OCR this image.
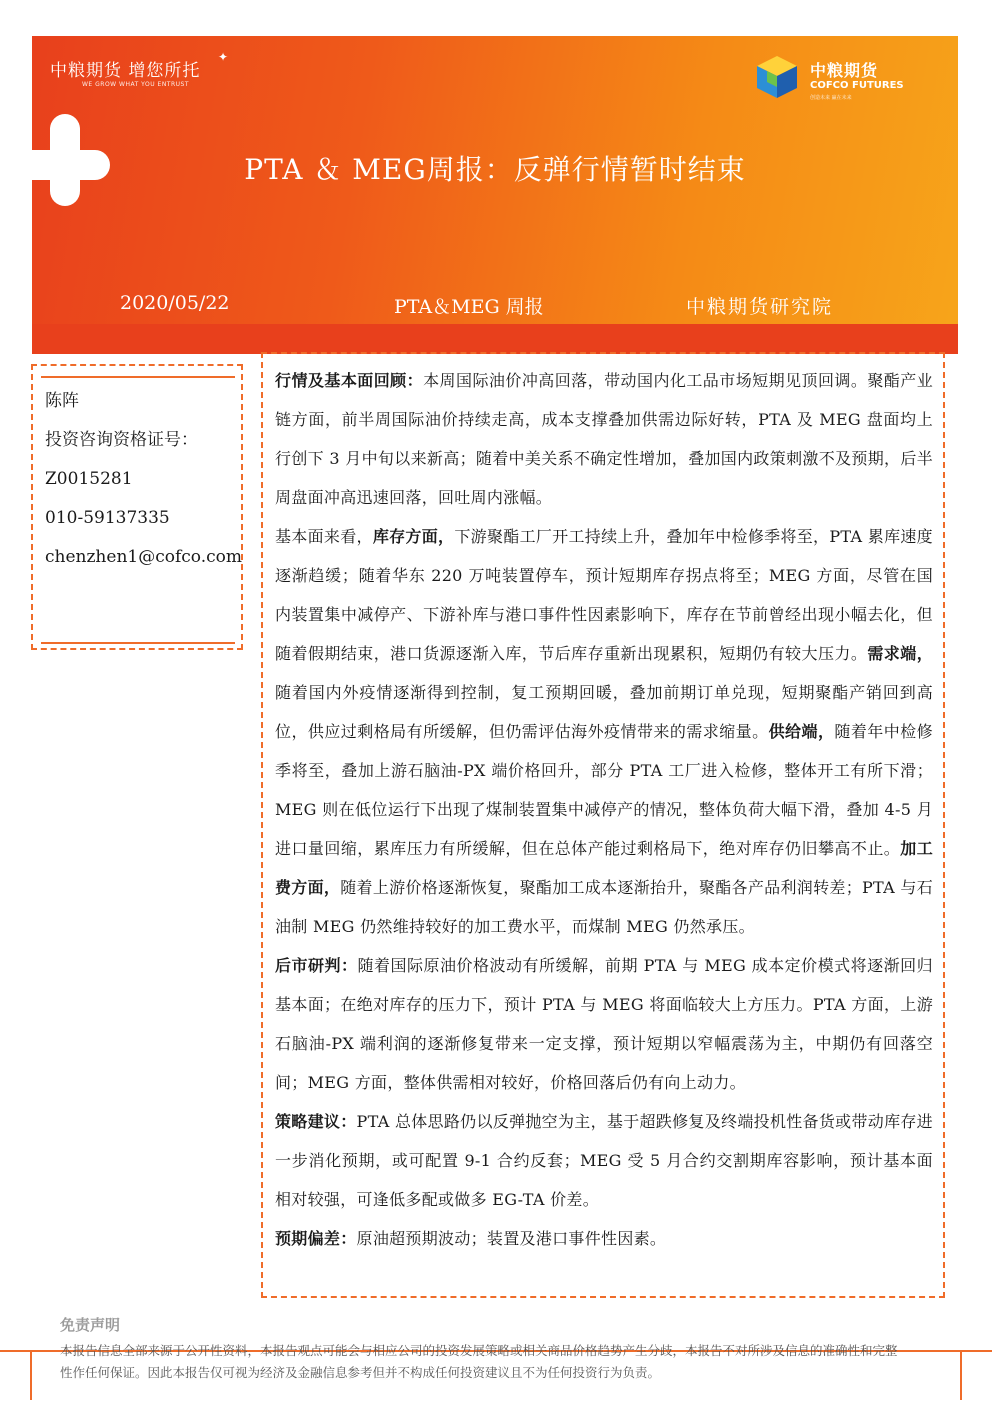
中粮期货 增您所托
WE GROW WHAT YOU ENTRUST
✦
中粮期货
COFCO FUTURES
创造未来 赢在未来
PTA ＆ MEG周报：反弹行情暂时结束
2020/05/22	PTA＆MEG 周报	中粮期货研究院
陈阵
投资咨询资格证号：
Z0015281
010-59137335
chenzhen1@cofco.com

行情及基本面回顾：本周国际油价冲高回落，带动国内化工品市场短期见顶回调。聚酯产业链方面，前半周国际油价持续走高，成本支撑叠加供需边际好转，PTA 及 MEG 盘面均上行创下 3 月中旬以来新高；随着中美关系不确定性增加，叠加国内政策刺激不及预期，后半周盘面冲高迅速回落，回吐周内涨幅。

基本面来看，库存方面，下游聚酯工厂开工持续上升，叠加年中检修季将至，PTA 累库速度逐渐趋缓；随着华东 220 万吨装置停车，预计短期库存拐点将至；MEG 方面，尽管在国内装置集中减停产、下游补库与港口事件性因素影响下，库存在节前曾经出现小幅去化，但随着假期结束，港口货源逐渐入库，节后库存重新出现累积，短期仍有较大压力。需求端，随着国内外疫情逐渐得到控制，复工预期回暖，叠加前期订单兑现，短期聚酯产销回到高位，供应过剩格局有所缓解，但仍需评估海外疫情带来的需求缩量。供给端，随着年中检修季将至，叠加上游石脑油-PX 端价格回升，部分 PTA 工厂进入检修，整体开工有所下滑；MEG 则在低位运行下出现了煤制装置集中减停产的情况，整体负荷大幅下滑，叠加 4-5 月进口量回缩，累库压力有所缓解，但在总体产能过剩格局下，绝对库存仍旧攀高不止。加工费方面，随着上游价格逐渐恢复，聚酯加工成本逐渐抬升，聚酯各产品利润转差；PTA 与石油制 MEG 仍然维持较好的加工费水平，而煤制 MEG 仍然承压。

后市研判：随着国际原油价格波动有所缓解，前期 PTA 与 MEG 成本定价模式将逐渐回归基本面；在绝对库存的压力下，预计 PTA 与 MEG 将面临较大上方压力。PTA 方面，上游石脑油-PX 端利润的逐渐修复带来一定支撑，预计短期以窄幅震荡为主，中期仍有回落空间；MEG 方面，整体供需相对较好，价格回落后仍有向上动力。

策略建议：PTA 总体思路仍以反弹抛空为主，基于超跌修复及终端投机性备货或带动库存进一步消化预期，或可配置 9-1 合约反套；MEG 受 5 月合约交割期库容影响，预计基本面相对较强，可逢低多配或做多 EG-TA 价差。

预期偏差：原油超预期波动；装置及港口事件性因素。

免责声明
本报告信息全部来源于公开性资料，本报告观点可能会与相应公司的投资发展策略或相关商品价格趋势产生分歧，本报告不对所涉及信息的准确性和完整性作任何保证。因此本报告仅可视为经济及金融信息参考但并不构成任何投资建议且不为任何投资行为负责。
